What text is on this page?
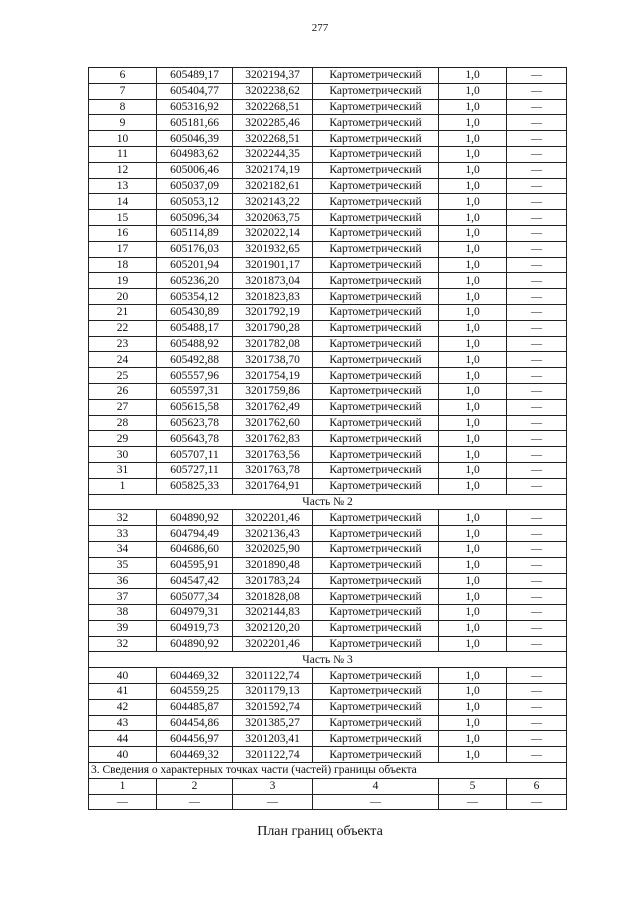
277
6	605489,17	3202194,37	Картометрический	1,0	—
7	605404,77	3202238,62	Картометрический	1,0	—
8	605316,92	3202268,51	Картометрический	1,0	—
9	605181,66	3202285,46	Картометрический	1,0	—
10	605046,39	3202268,51	Картометрический	1,0	—
11	604983,62	3202244,35	Картометрический	1,0	—
12	605006,46	3202174,19	Картометрический	1,0	—
13	605037,09	3202182,61	Картометрический	1,0	—
14	605053,12	3202143,22	Картометрический	1,0	—
15	605096,34	3202063,75	Картометрический	1,0	—
16	605114,89	3202022,14	Картометрический	1,0	—
17	605176,03	3201932,65	Картометрический	1,0	—
18	605201,94	3201901,17	Картометрический	1,0	—
19	605236,20	3201873,04	Картометрический	1,0	—
20	605354,12	3201823,83	Картометрический	1,0	—
21	605430,89	3201792,19	Картометрический	1,0	—
22	605488,17	3201790,28	Картометрический	1,0	—
23	605488,92	3201782,08	Картометрический	1,0	—
24	605492,88	3201738,70	Картометрический	1,0	—
25	605557,96	3201754,19	Картометрический	1,0	—
26	605597,31	3201759,86	Картометрический	1,0	—
27	605615,58	3201762,49	Картометрический	1,0	—
28	605623,78	3201762,60	Картометрический	1,0	—
29	605643,78	3201762,83	Картометрический	1,0	—
30	605707,11	3201763,56	Картометрический	1,0	—
31	605727,11	3201763,78	Картометрический	1,0	—
1	605825,33	3201764,91	Картометрический	1,0	—
Часть № 2					
32	604890,92	3202201,46	Картометрический	1,0	—
33	604794,49	3202136,43	Картометрический	1,0	—
34	604686,60	3202025,90	Картометрический	1,0	—
35	604595,91	3201890,48	Картометрический	1,0	—
36	604547,42	3201783,24	Картометрический	1,0	—
37	605077,34	3201828,08	Картометрический	1,0	—
38	604979,31	3202144,83	Картометрический	1,0	—
39	604919,73	3202120,20	Картометрический	1,0	—
32	604890,92	3202201,46	Картометрический	1,0	—
Часть № 3					
40	604469,32	3201122,74	Картометрический	1,0	—
41	604559,25	3201179,13	Картометрический	1,0	—
42	604485,87	3201592,74	Картометрический	1,0	—
43	604454,86	3201385,27	Картометрический	1,0	—
44	604456,97	3201203,41	Картометрический	1,0	—
40	604469,32	3201122,74	Картометрический	1,0	—
3. Сведения о характерных точках части (частей) границы объекта					
1	2	3	4	5	6
—	—	—	—	—	—
План границ объекта
